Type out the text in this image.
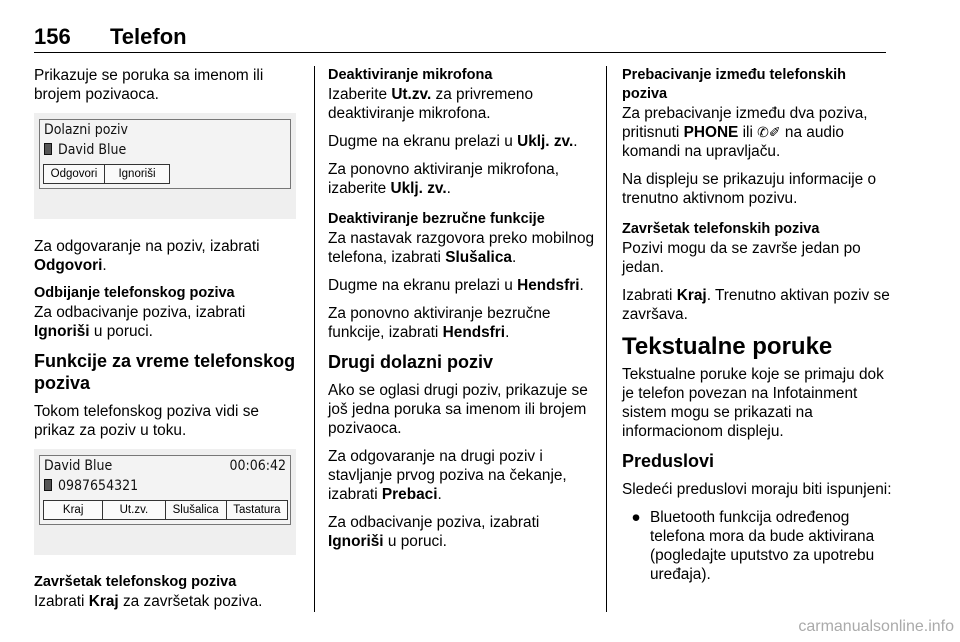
156 Telefon

Prikazuje se poruka sa imenom ili brojem pozivaoca.

Dolazni poziv
David Blue
Odgovori	Ignoriši

Za odgovaranje na poziv, izabrati Odgovori.

Odbijanje telefonskog poziva

Za odbacivanje poziva, izabrati Ignoriši u poruci.

Funkcije za vreme telefonskog poziva

Tokom telefonskog poziva vidi se prikaz za poziv u toku.

David Blue	00:06:42
0987654321
Kraj	Ut.zv.	Slušalica	Tastatura

Završetak telefonskog poziva

Izabrati Kraj za završetak poziva.

Deaktiviranje mikrofona

Izaberite Ut.zv. za privremeno deaktiviranje mikrofona.

Dugme na ekranu prelazi u Uklj. zv..

Za ponovno aktiviranje mikrofona, izaberite Uklj. zv..

Deaktiviranje bezručne funkcije

Za nastavak razgovora preko mobilnog telefona, izabrati Slušalica.

Dugme na ekranu prelazi u Hendsfri.

Za ponovno aktiviranje bezručne funkcije, izabrati Hendsfri.

Drugi dolazni poziv

Ako se oglasi drugi poziv, prikazuje se još jedna poruka sa imenom ili brojem pozivaoca.

Za odgovaranje na drugi poziv i stavljanje prvog poziva na čekanje, izabrati Prebaci.

Za odbacivanje poziva, izabrati Ignoriši u poruci.

Prebacivanje između telefonskih poziva

Za prebacivanje između dva poziva, pritisnuti PHONE ili ✆✐ na audio komandi na upravljaču.

Na displeju se prikazuju informacije o trenutno aktivnom pozivu.

Završetak telefonskih poziva

Pozivi mogu da se završe jedan po jedan.

Izabrati Kraj. Trenutno aktivan poziv se završava.

Tekstualne poruke

Tekstualne poruke koje se primaju dok je telefon povezan na Infotainment sistem mogu se prikazati na informacionom displeju.

Preduslovi

Sledeći preduslovi moraju biti ispunjeni:

● Bluetooth funkcija određenog telefona mora da bude aktivirana (pogledajte uputstvo za upotrebu uređaja).
carmanualsonline.info
